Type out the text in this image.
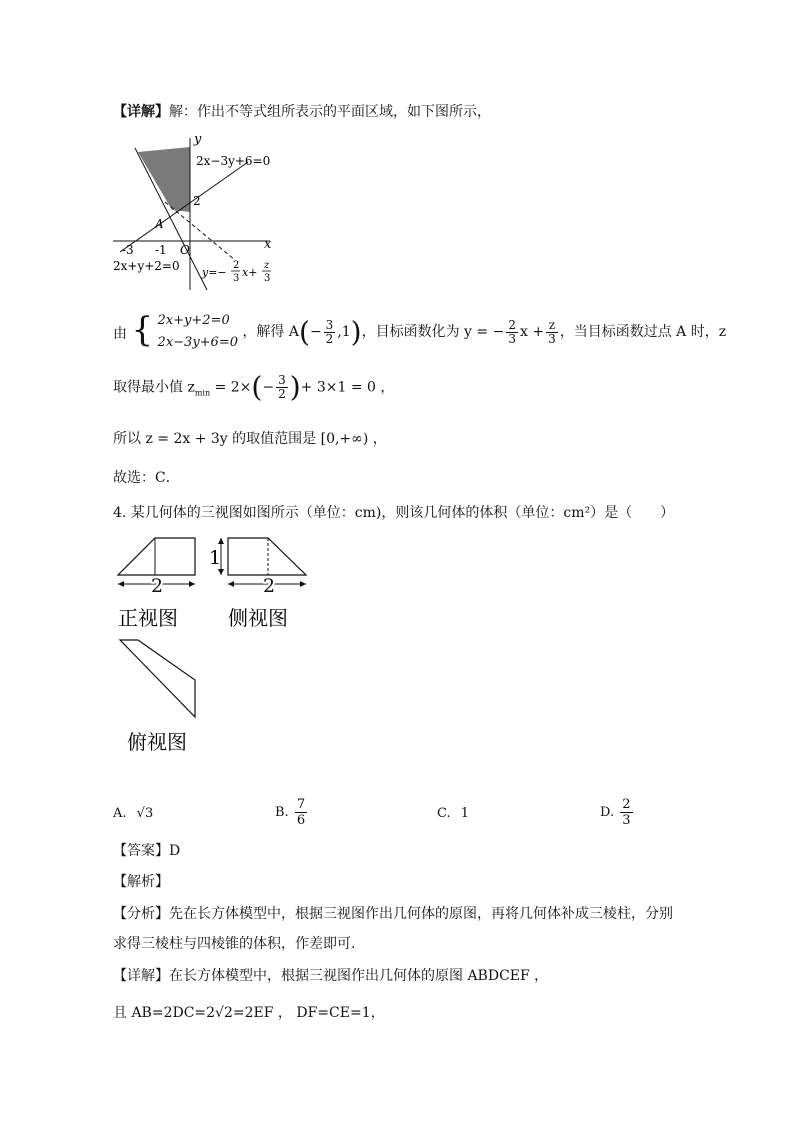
【详解】解：作出不等式组所表示的平面区域，如下图所示，
y
x
2x−3y+6=0
2
A
-3 -1 O
2x+y+2=0 y=−
2
3 x+
z
3
由 { 2x+y+2=0
2x−3y+6=0
，解得 $A(- \frac{3}{2} ,1)$，目标函数化为 y = − $\frac{2}{3}$ $x + \frac{z}{3}$ ，当目标函数过点 A 时，z
取得最小值 $z_{min} = 2\times(- \frac{3}{2}$ )+ 3×1 = 0 ，
所以 z = 2x + 3y 的取值范围是 [0,+∞) ，
故选：C．
4. 某几何体的三视图如图所示（单位：cm)，则该几何体的体积（单位：cm²）是（　　）
2
正视图
1
2
侧视图
俯视图
A. √3	B. $\frac{7}{6}$	C. 1	D. $\frac{2}{3}$
【答案】D
【解析】
【分析】先在长方体模型中，根据三视图作出几何体的原图，再将几何体补成三棱柱，分别
求得三棱柱与四棱锥的体积，作差即可.
【详解】在长方体模型中，根据三视图作出几何体的原图 ABDCEF ，
且 AB=2DC=2√2=2EF ， DF=CE=1，
